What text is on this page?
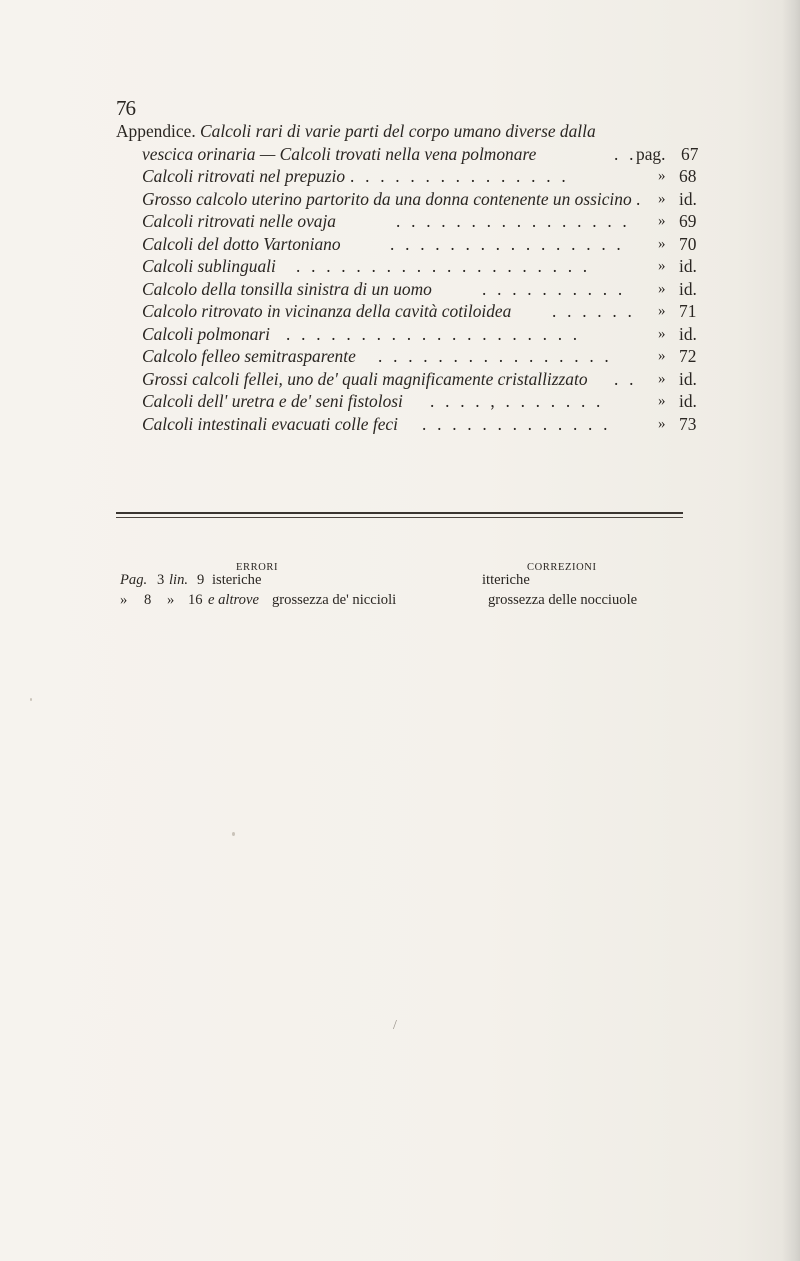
76
Appendice. Calcoli rari di varie parti del corpo umano diverse dalla
vescica orinaria — Calcoli trovati nella vena polmonare	. . pag. 67
Calcoli ritrovati nel prepuzio . . . . . . . . . . . . . . .	» 68
Grosso calcolo uterino partorito da una donna contenente un ossicino . » id.
Calcoli ritrovati nelle ovaja	. . . . . . . . . . . . . . . . » 69
Calcoli del dotto Vartoniano	. . . . . . . . . . . . . . . . » 70
Calcoli sublinguali . . . . . . . . . . . . . . . . . . . .	» id.
Calcolo della tonsilla sinistra di un uomo	. . . . . . . . . . » id.
Calcolo ritrovato in vicinanza della cavità cotiloidea . . . . . . » 71
Calcoli polmonari . . . . . . . . . . . . . . . . . . . .	» id.
Calcolo felleo semitrasparente . . . . . . . . . . . . . . . .	» 72
Grossi calcoli fellei, uno de' quali magnificamente cristallizzato . . » id.
Calcoli dell' uretra e de' seni fistolosi . . . . , . . . . . . .	» id.
Calcoli intestinali evacuati colle feci . . . . . . . . . . . . .	» 73
ERRORI	CORREZIONI
Pag. 3 lin. 9 isteriche	itteriche
» 8 » 16 e altrove grossezza de' niccioli	grossezza delle nocciuole
/
